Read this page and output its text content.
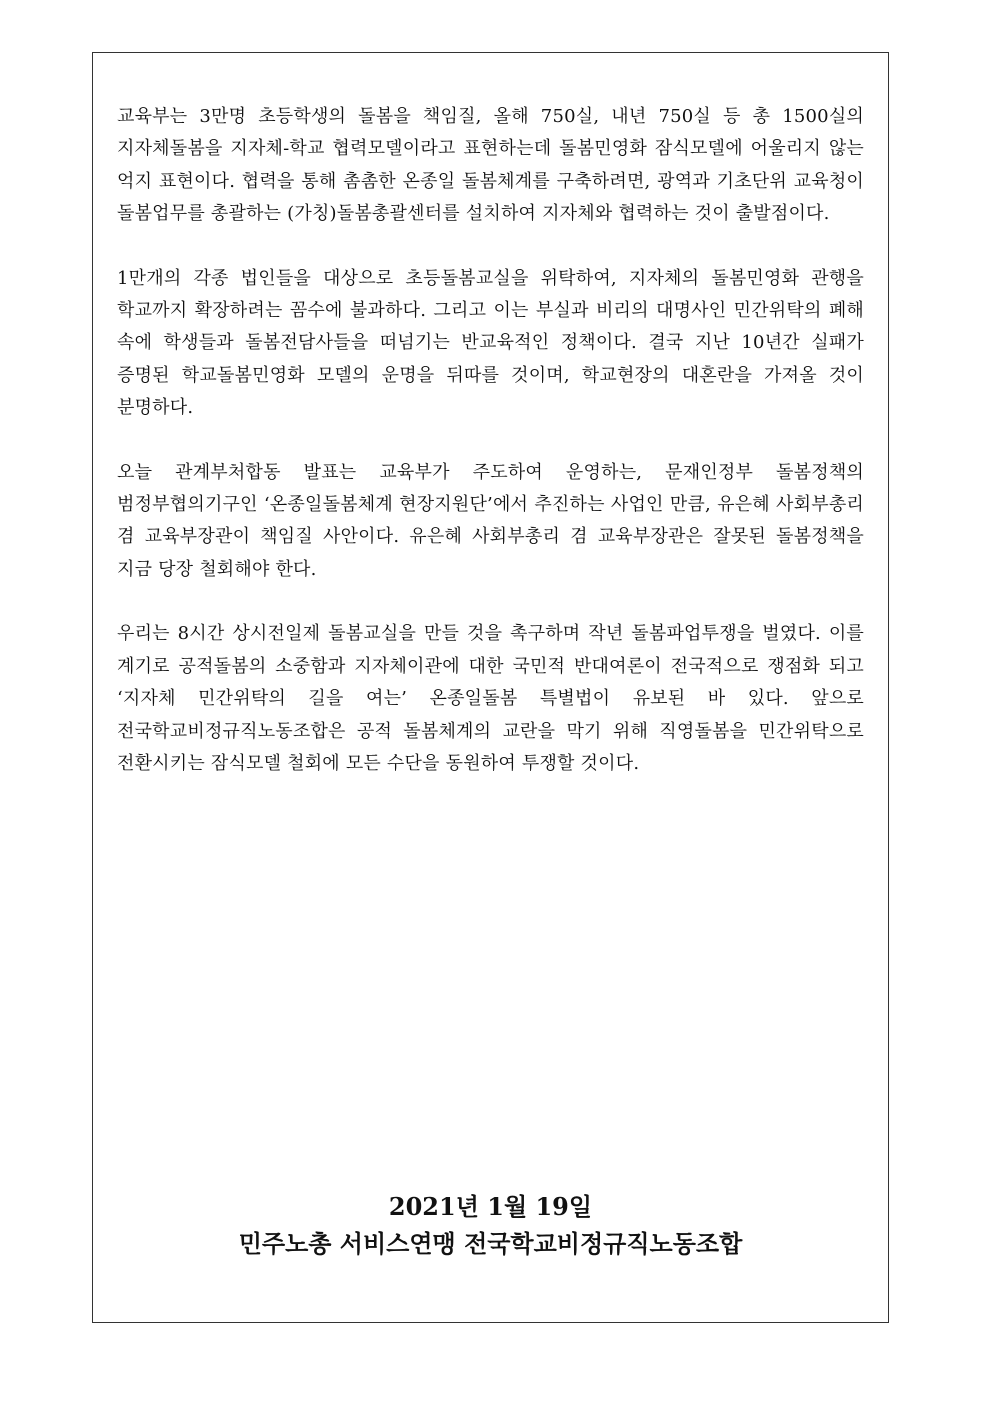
교육부는 3만명 초등학생의 돌봄을 책임질, 올해 750실, 내년 750실 등 총 1500실의 지자체돌봄을 지자체-학교 협력모델이라고 표현하는데 돌봄민영화 잠식모델에 어울리지 않는 억지 표현이다. 협력을 통해 촘촘한 온종일 돌봄체계를 구축하려면, 광역과 기초단위 교육청이 돌봄업무를 총괄하는 (가칭)돌봄총괄센터를 설치하여 지자체와 협력하는 것이 출발점이다.

1만개의 각종 법인들을 대상으로 초등돌봄교실을 위탁하여, 지자체의 돌봄민영화 관행을 학교까지 확장하려는 꼼수에 불과하다. 그리고 이는 부실과 비리의 대명사인 민간위탁의 폐해 속에 학생들과 돌봄전담사들을 떠넘기는 반교육적인 정책이다. 결국 지난 10년간 실패가 증명된 학교돌봄민영화 모델의 운명을 뒤따를 것이며, 학교현장의 대혼란을 가져올 것이 분명하다.

오늘 관계부처합동 발표는 교육부가 주도하여 운영하는, 문재인정부 돌봄정책의 범정부협의기구인 ‘온종일돌봄체계 현장지원단’에서 추진하는 사업인 만큼, 유은혜 사회부총리 겸 교육부장관이 책임질 사안이다. 유은혜 사회부총리 겸 교육부장관은 잘못된 돌봄정책을 지금 당장 철회해야 한다.

우리는 8시간 상시전일제 돌봄교실을 만들 것을 촉구하며 작년 돌봄파업투쟁을 벌였다. 이를 계기로 공적돌봄의 소중함과 지자체이관에 대한 국민적 반대여론이 전국적으로 쟁점화 되고 ‘지자체 민간위탁의 길을 여는’ 온종일돌봄 특별법이 유보된 바 있다. 앞으로 전국학교비정규직노동조합은 공적 돌봄체계의 교란을 막기 위해 직영돌봄을 민간위탁으로 전환시키는 잠식모델 철회에 모든 수단을 동원하여 투쟁할 것이다.

2021년 1월 19일

민주노총 서비스연맹 전국학교비정규직노동조합
